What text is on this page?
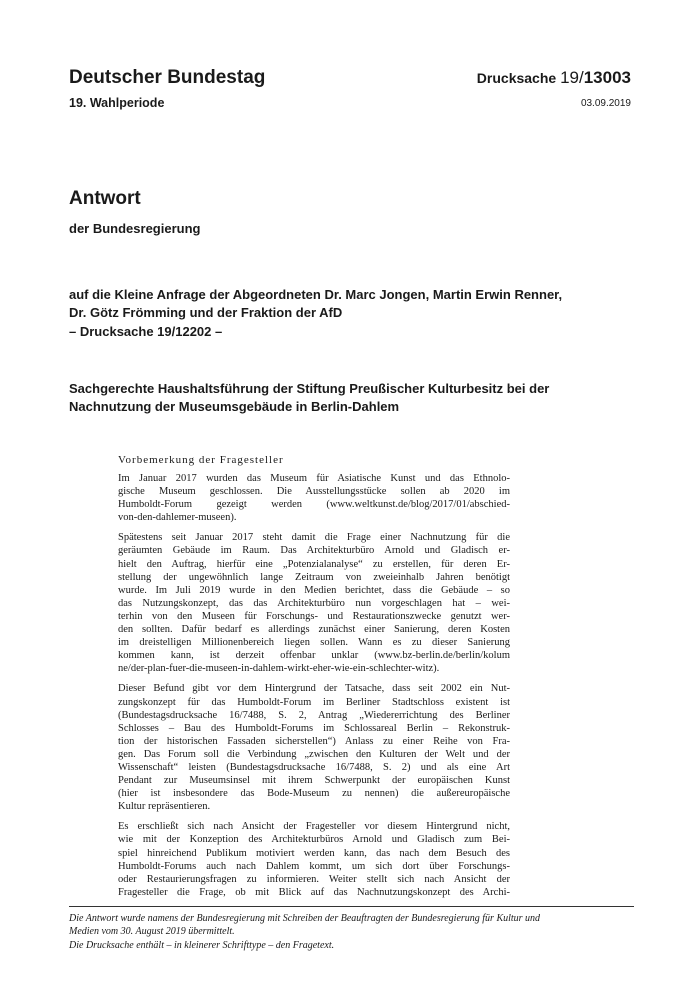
Deutscher Bundestag
19. Wahlperiode
Drucksache 19/13003
03.09.2019
Antwort
der Bundesregierung
auf die Kleine Anfrage der Abgeordneten Dr. Marc Jongen, Martin Erwin Renner,
Dr. Götz Frömming und der Fraktion der AfD
– Drucksache 19/12202 –
Sachgerechte Haushaltsführung der Stiftung Preußischer Kulturbesitz bei der
Nachnutzung der Museumsgebäude in Berlin-Dahlem
Vorbemerkung der Fragesteller
Im Januar 2017 wurden das Museum für Asiatische Kunst und das Ethnolo-
gische Museum geschlossen. Die Ausstellungsstücke sollen ab 2020 im
Humboldt-Forum gezeigt werden (www.weltkunst.de/blog/2017/01/abschied-
von-den-dahlemer-museen).
Spätestens seit Januar 2017 steht damit die Frage einer Nachnutzung für die
geräumten Gebäude im Raum. Das Architekturbüro Arnold und Gladisch er-
hielt den Auftrag, hierfür eine „Potenzialanalyse“ zu erstellen, für deren Er-
stellung der ungewöhnlich lange Zeitraum von zweieinhalb Jahren benötigt
wurde. Im Juli 2019 wurde in den Medien berichtet, dass die Gebäude – so
das Nutzungskonzept, das das Architekturbüro nun vorgeschlagen hat – wei-
terhin von den Museen für Forschungs- und Restaurationszwecke genutzt wer-
den sollten. Dafür bedarf es allerdings zunächst einer Sanierung, deren Kosten
im dreistelligen Millionenbereich liegen sollen. Wann es zu dieser Sanierung
kommen kann, ist derzeit offenbar unklar (www.bz-berlin.de/berlin/kolum
ne/der-plan-fuer-die-museen-in-dahlem-wirkt-eher-wie-ein-schlechter-witz).
Dieser Befund gibt vor dem Hintergrund der Tatsache, dass seit 2002 ein Nut-
zungskonzept für das Humboldt-Forum im Berliner Stadtschloss existent ist
(Bundestagsdrucksache 16/7488, S. 2, Antrag „Wiedererrichtung des Berliner
Schlosses – Bau des Humboldt-Forums im Schlossareal Berlin – Rekonstruk-
tion der historischen Fassaden sicherstellen“) Anlass zu einer Reihe von Fra-
gen. Das Forum soll die Verbindung „zwischen den Kulturen der Welt und der
Wissenschaft“ leisten (Bundestagsdrucksache 16/7488, S. 2) und als eine Art
Pendant zur Museumsinsel mit ihrem Schwerpunkt der europäischen Kunst
(hier ist insbesondere das Bode-Museum zu nennen) die außereuropäische
Kultur repräsentieren.
Es erschließt sich nach Ansicht der Fragesteller vor diesem Hintergrund nicht,
wie mit der Konzeption des Architekturbüros Arnold und Gladisch zum Bei-
spiel hinreichend Publikum motiviert werden kann, das nach dem Besuch des
Humboldt-Forums auch nach Dahlem kommt, um sich dort über Forschungs-
oder Restaurierungsfragen zu informieren. Weiter stellt sich nach Ansicht der
Fragesteller die Frage, ob mit Blick auf das Nachnutzungskonzept des Archi-
Die Antwort wurde namens der Bundesregierung mit Schreiben der Beauftragten der Bundesregierung für Kultur und
Medien vom 30. August 2019 übermittelt.
Die Drucksache enthält – in kleinerer Schrifttype – den Fragetext.
